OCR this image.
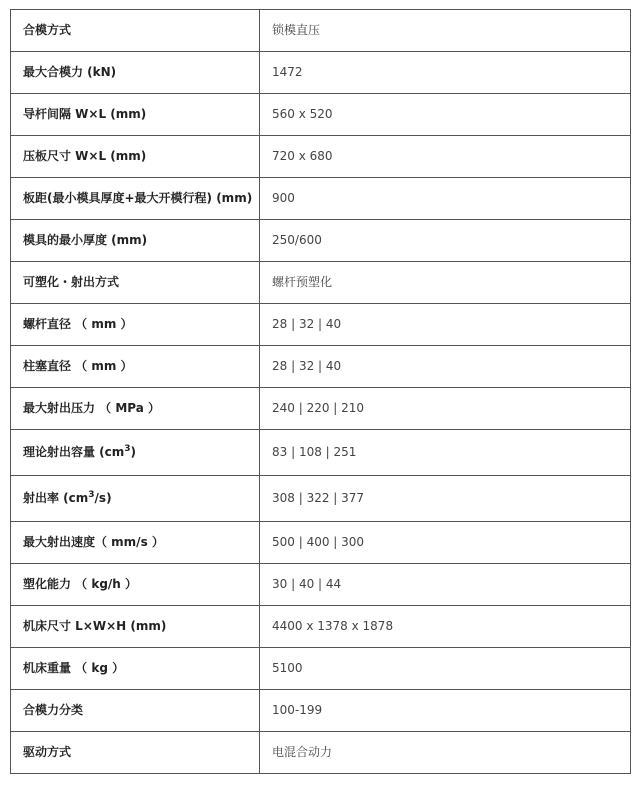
合模方式	锁模直压
最大合模力 (kN)	1472
导杆间隔 W×L (mm)	560 x 520
压板尺寸 W×L (mm)	720 x 680
板距(最小模具厚度+最大开模行程) (mm)	900
模具的最小厚度 (mm)	250/600
可塑化・射出方式	螺杆预塑化
螺杆直径 （ mm ）	28 | 32 | 40
柱塞直径 （ mm ）	28 | 32 | 40
最大射出压力 （ MPa ）	240 | 220 | 210
理论射出容量 $(cm^3)$	83 | 108 | 251
射出率 $(cm^3/s)$	308 | 322 | 377
最大射出速度（ mm/s ）	500 | 400 | 300
塑化能力 （ kg/h ）	30 | 40 | 44
机床尺寸 L×W×H (mm)	4400 x 1378 x 1878
机床重量 （ kg ）	5100
合模力分类	100-199
驱动方式	电混合动力
